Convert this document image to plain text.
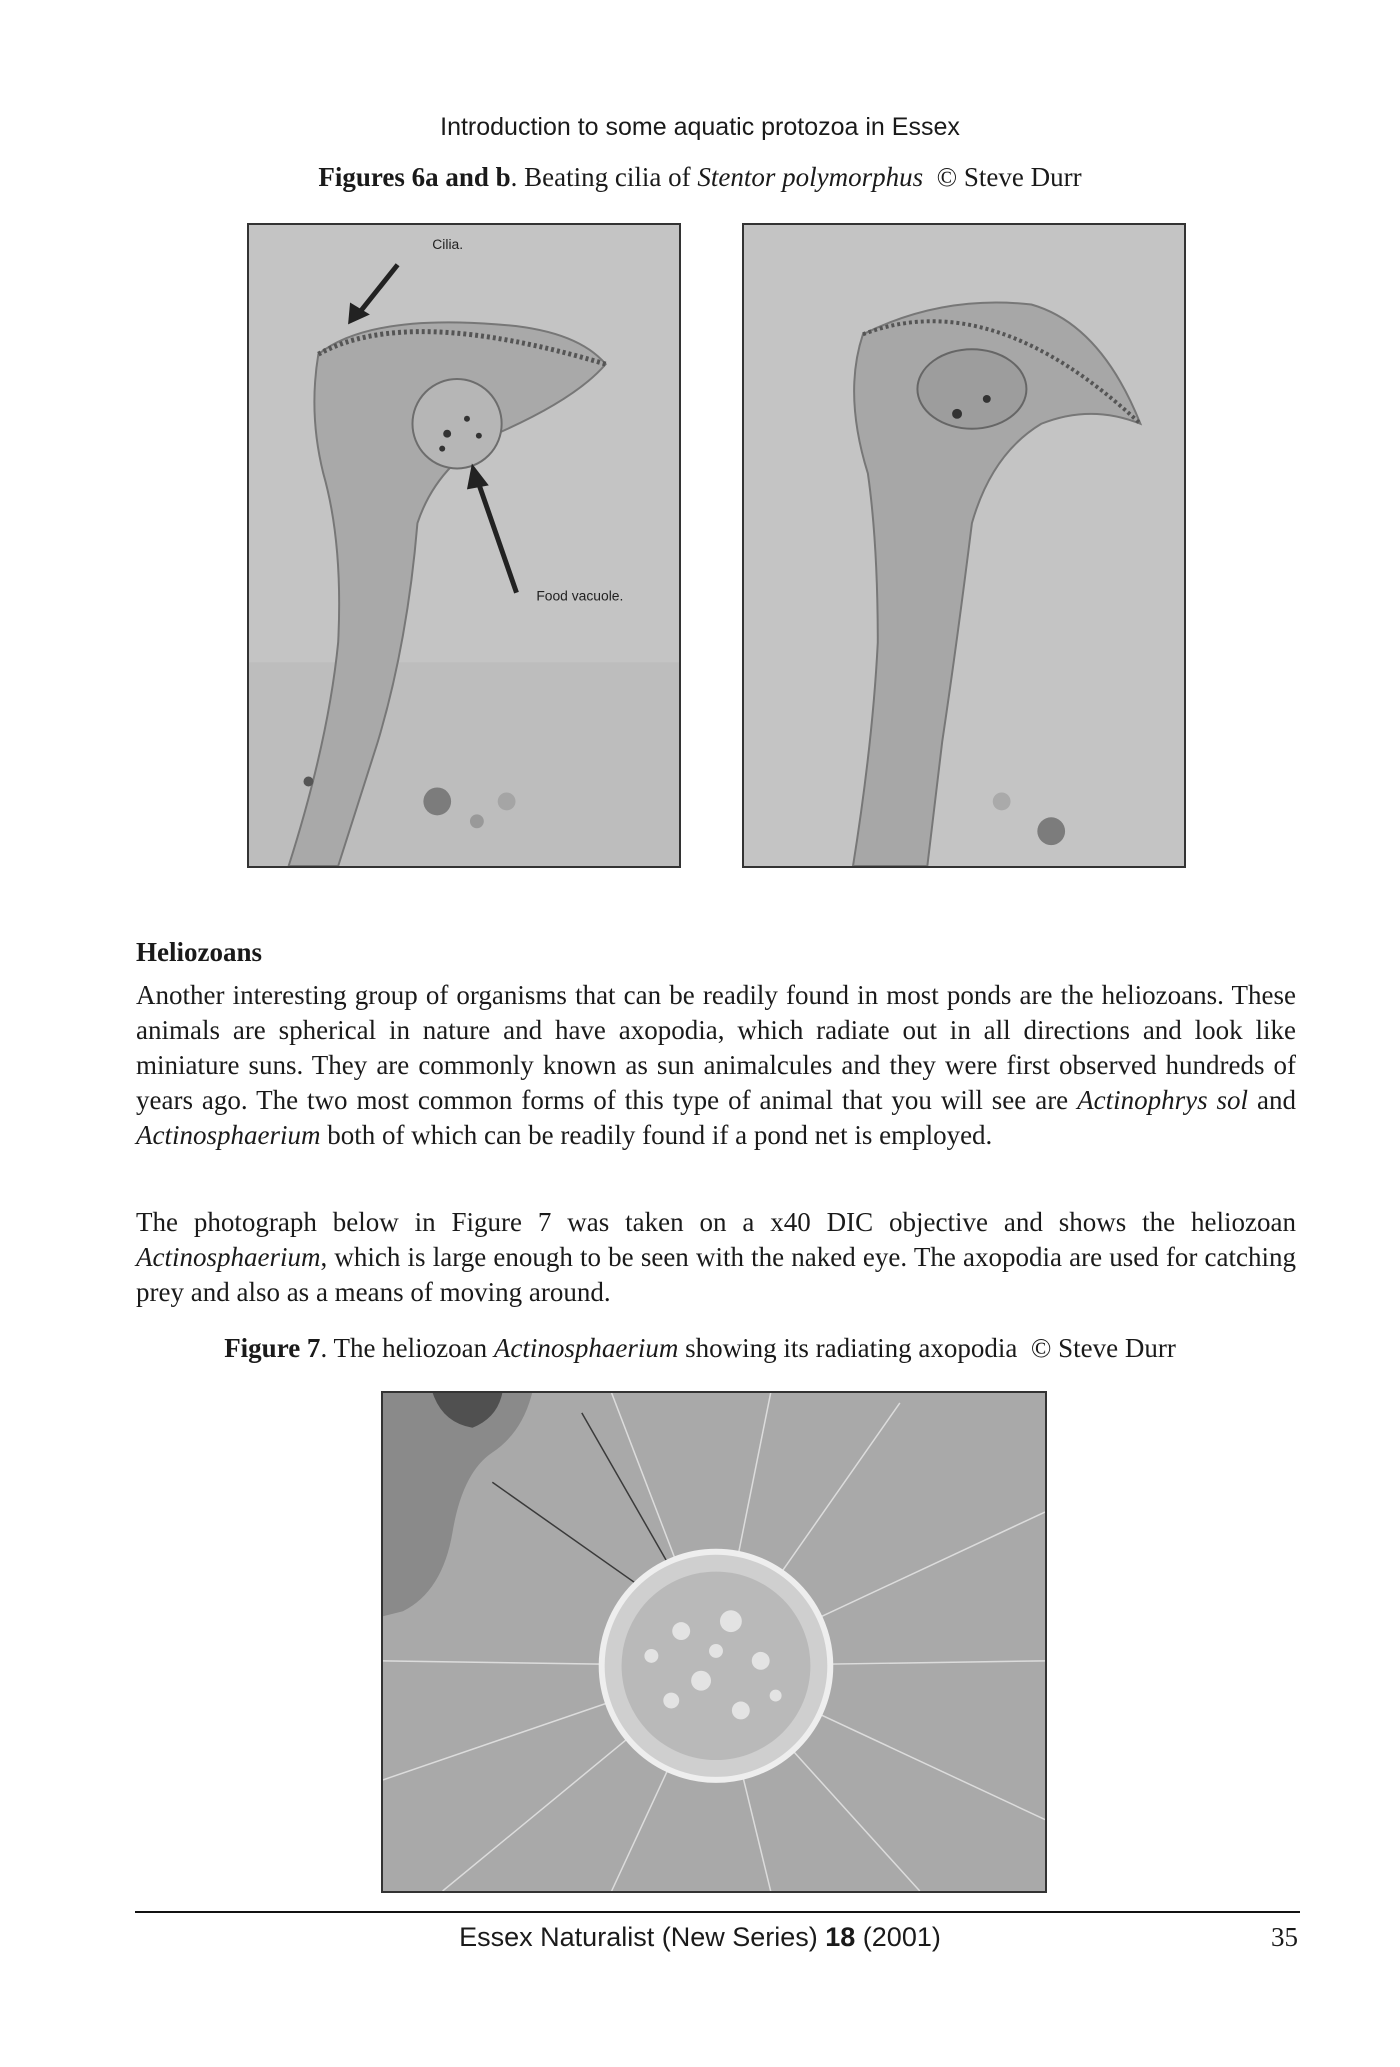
Introduction to some aquatic protozoa in Essex
Figures 6a and b. Beating cilia of Stentor polymorphus © Steve Durr
Cilia.
Food vacuole.
Heliozoans
Another interesting group of organisms that can be readily found in most ponds are the heliozoans. These animals are spherical in nature and have axopodia, which radiate out in all directions and look like miniature suns. They are commonly known as sun animalcules and they were first observed hundreds of years ago. The two most common forms of this type of animal that you will see are Actinophrys sol and Actinosphaerium both of which can be readily found if a pond net is employed.
The photograph below in Figure 7 was taken on a x40 DIC objective and shows the heliozoan Actinosphaerium, which is large enough to be seen with the naked eye. The axopodia are used for catching prey and also as a means of moving around.
Figure 7. The heliozoan Actinosphaerium showing its radiating axopodia © Steve Durr
Essex Naturalist (New Series) 18 (2001)	35
